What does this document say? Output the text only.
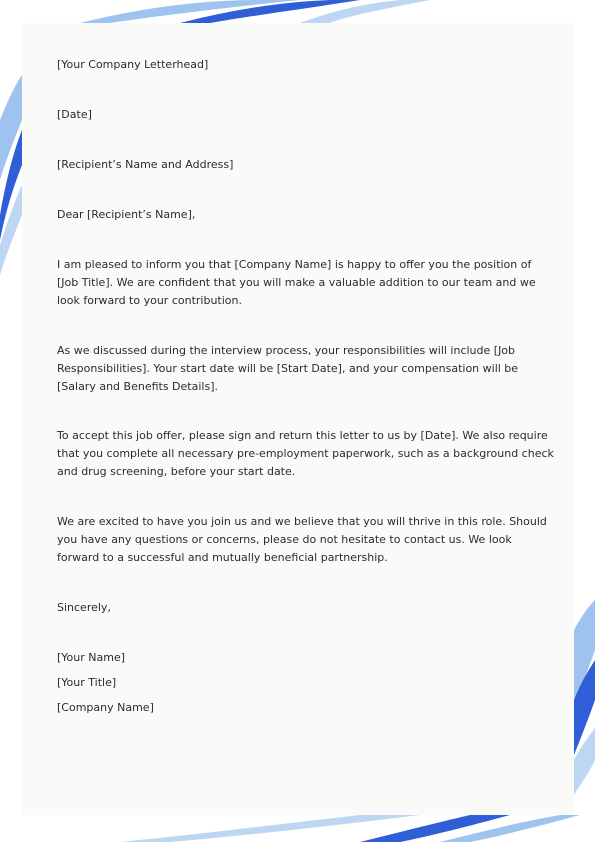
[Your Company Letterhead]

[Date]

[Recipient’s Name and Address]

Dear [Recipient’s Name],

I am pleased to inform you that [Company Name] is happy to offer you the position of
[Job Title]. We are confident that you will make a valuable addition to our team and we
look forward to your contribution.
As we discussed during the interview process, your responsibilities will include [Job
Responsibilities]. Your start date will be [Start Date], and your compensation will be
[Salary and Benefits Details].
To accept this job offer, please sign and return this letter to us by [Date]. We also require
that you complete all necessary pre-employment paperwork, such as a background check
and drug screening, before your start date.
We are excited to have you join us and we believe that you will thrive in this role. Should
you have any questions or concerns, please do not hesitate to contact us. We look
forward to a successful and mutually beneficial partnership.

Sincerely,

[Your Name]

[Your Title]

[Company Name]
